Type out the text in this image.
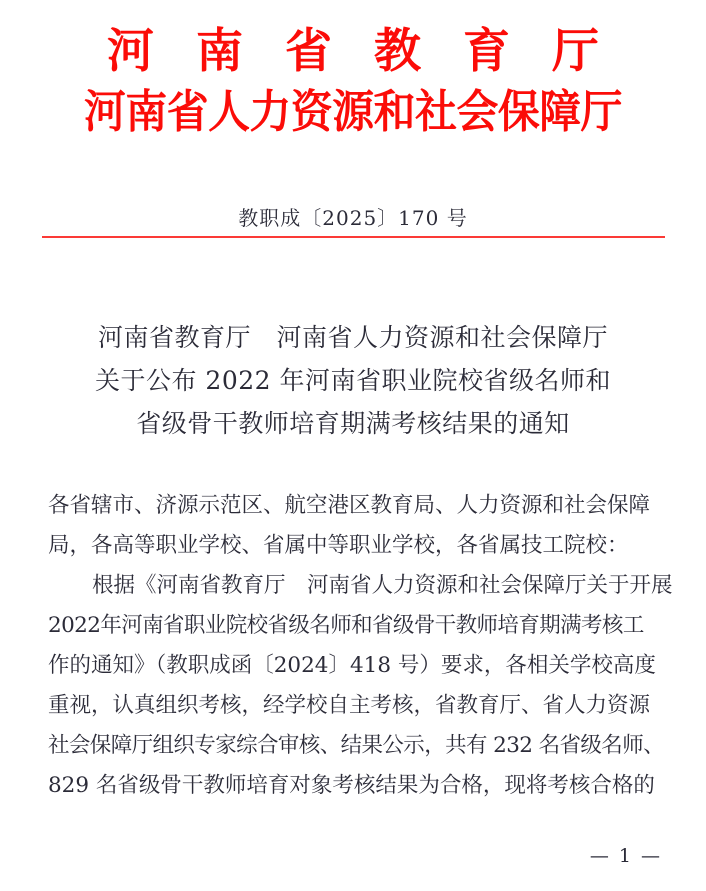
河南省教育厅
河南省人力资源和社会保障厅
教职成〔2025〕170 号
河南省教育厅　河南省人力资源和社会保障厅
关于公布 2022 年河南省职业院校省级名师和
省级骨干教师培育期满考核结果的通知
各省辖市、济源示范区、航空港区教育局、人力资源和社会保障
局，各高等职业学校、省属中等职业学校，各省属技工院校：
根据《河南省教育厅　河南省人力资源和社会保障厅关于开展
2022年河南省职业院校省级名师和省级骨干教师培育期满考核工
作的通知》（教职成函〔2024〕418 号）要求，各相关学校高度
重视，认真组织考核，经学校自主考核，省教育厅、省人力资源
社会保障厅组织专家综合审核、结果公示，共有 232 名省级名师、
829 名省级骨干教师培育对象考核结果为合格，现将考核合格的
— 1 —
